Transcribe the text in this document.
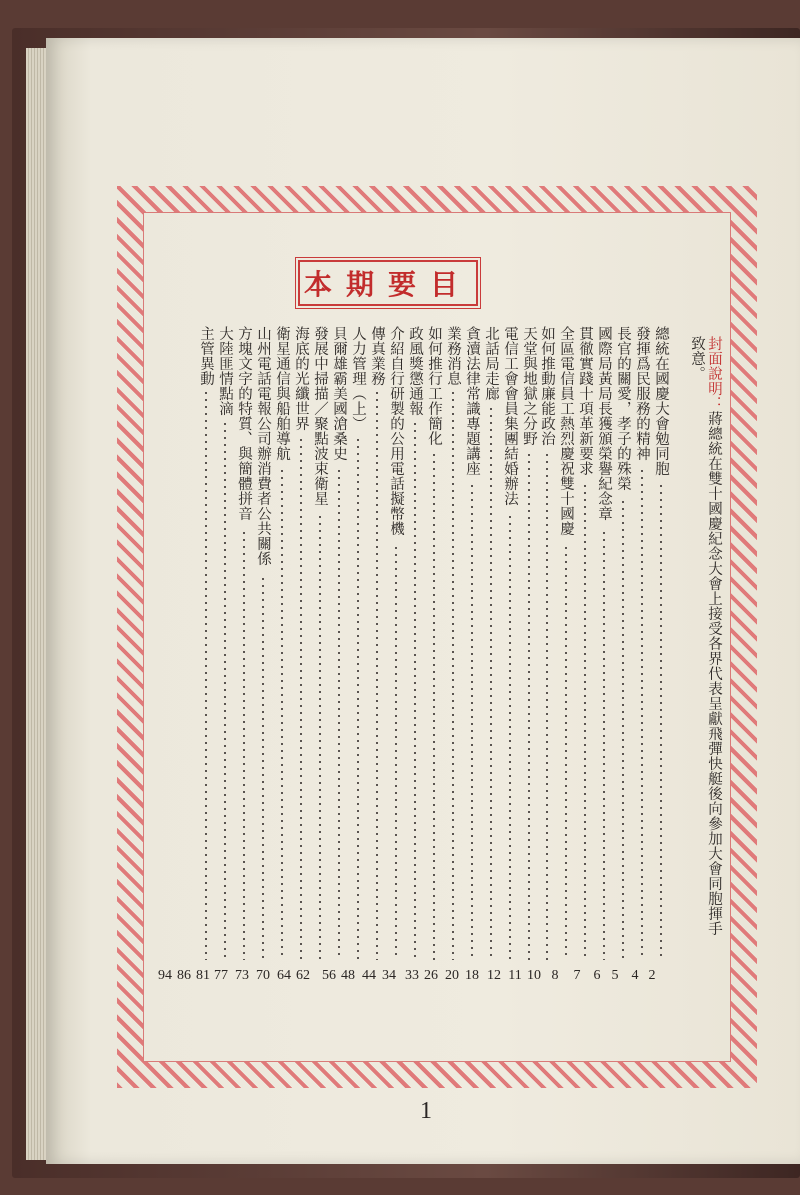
本期要目
封面說明：蔣總統在雙十國慶紀念大會上接受各界代表呈獻飛彈快艇後向參加大會同胞揮手致意。
總統在國慶大會勉同胞
2
發揮爲民服務的精神
4
長官的關愛，孝子的殊榮
5
國際局黃局長獲頒榮譽紀念章
6
貫徹實踐十項革新要求
7
全區電信員工熱烈慶祝雙十國慶
8
如何推動廉能政治
10
天堂與地獄之分野
11
電信工會會員集團結婚辦法
12
北話局走廊
18
貪瀆法律常識專題講座
20
業務消息
26
如何推行工作簡化
33
政風獎懲通報
34
介紹自行研製的公用電話擬幣機
44
傳真業務
48
人力管理（上）
56
貝爾雄霸美國滄桑史
62
發展中掃描／聚點波束衛星
64
海底的光纖世界
70
衛星通信與船舶導航
73
山州電話電報公司辦消費者公共關係
77
方塊文字的特質、與簡體拼音
81
大陸匪情點滴
86
主管異動
94
1
